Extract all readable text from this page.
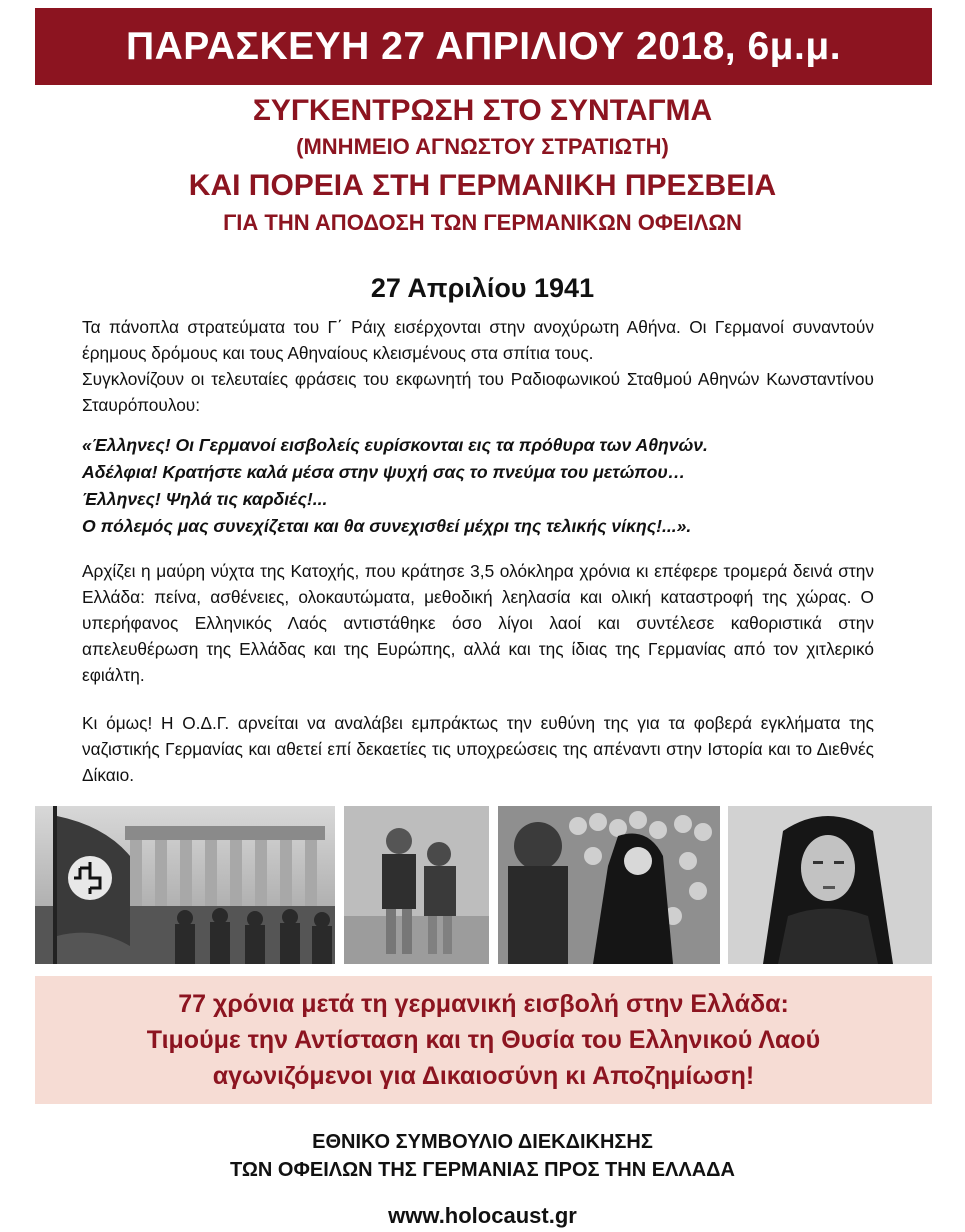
ΠΑΡΑΣΚΕΥΗ 27 ΑΠΡΙΛΙΟΥ 2018, 6μ.μ.
ΣΥΓΚΕΝΤΡΩΣΗ ΣΤΟ ΣΥΝΤΑΓΜΑ
(ΜΝΗΜΕΙΟ ΑΓΝΩΣΤΟΥ ΣΤΡΑΤΙΩΤΗ)
ΚΑΙ ΠΟΡΕΙΑ ΣΤΗ ΓΕΡΜΑΝΙΚΗ ΠΡΕΣΒΕΙΑ
ΓΙΑ ΤΗΝ ΑΠΟΔΟΣΗ ΤΩΝ ΓΕΡΜΑΝΙΚΩΝ ΟΦΕΙΛΩΝ
27 Απριλίου 1941

Τα πάνοπλα στρατεύματα του Γ΄ Ράιχ εισέρχονται στην ανοχύρωτη Αθήνα. Οι Γερμανοί συναντούν έρημους δρόμους και τους Αθηναίους κλεισμένους στα σπίτια τους.

Συγκλονίζουν οι τελευταίες φράσεις του εκφωνητή του Ραδιοφωνικού Σταθμού Αθηνών Κωνσταντίνου Σταυρόπουλου:

«Έλληνες! Οι Γερμανοί εισβολείς ευρίσκονται εις τα πρόθυρα των Αθηνών.
Αδέλφια! Κρατήστε καλά μέσα στην ψυχή σας το πνεύμα του μετώπου…
Έλληνες! Ψηλά τις καρδιές!...
Ο πόλεμός μας συνεχίζεται και θα συνεχισθεί μέχρι της τελικής νίκης!...».

Αρχίζει η μαύρη νύχτα της Κατοχής, που κράτησε 3,5 ολόκληρα χρόνια κι επέφερε τρομερά δεινά στην Ελλάδα: πείνα, ασθένειες, ολοκαυτώματα, μεθοδική λεηλασία και ολική καταστροφή της χώρας. Ο υπερήφανος Ελληνικός Λαός αντιστάθηκε όσο λίγοι λαοί και συντέλεσε καθοριστικά στην απελευθέρωση της Ελλάδας και της Ευρώπης, αλλά και της ίδιας της Γερμανίας από τον χιτλερικό εφιάλτη.

Κι όμως! Η Ο.Δ.Γ. αρνείται να αναλάβει εμπράκτως την ευθύνη της για τα φοβερά εγκλήματα της ναζιστικής Γερμανίας και αθετεί επί δεκαετίες τις υποχρεώσεις της απέναντι στην Ιστορία και το Διεθνές Δίκαιο.

77 χρόνια μετά τη γερμανική εισβολή στην Ελλάδα:
Τιμούμε την Αντίσταση και τη Θυσία του Ελληνικού Λαού
αγωνιζόμενοι για Δικαιοσύνη κι Αποζημίωση!
ΕΘΝΙΚΟ ΣΥΜΒΟΥΛΙΟ ΔΙΕΚΔΙΚΗΣΗΣ
ΤΩΝ ΟΦΕΙΛΩΝ ΤΗΣ ΓΕΡΜΑΝΙΑΣ ΠΡΟΣ ΤΗΝ ΕΛΛΑΔΑ
www.holocaust.gr
